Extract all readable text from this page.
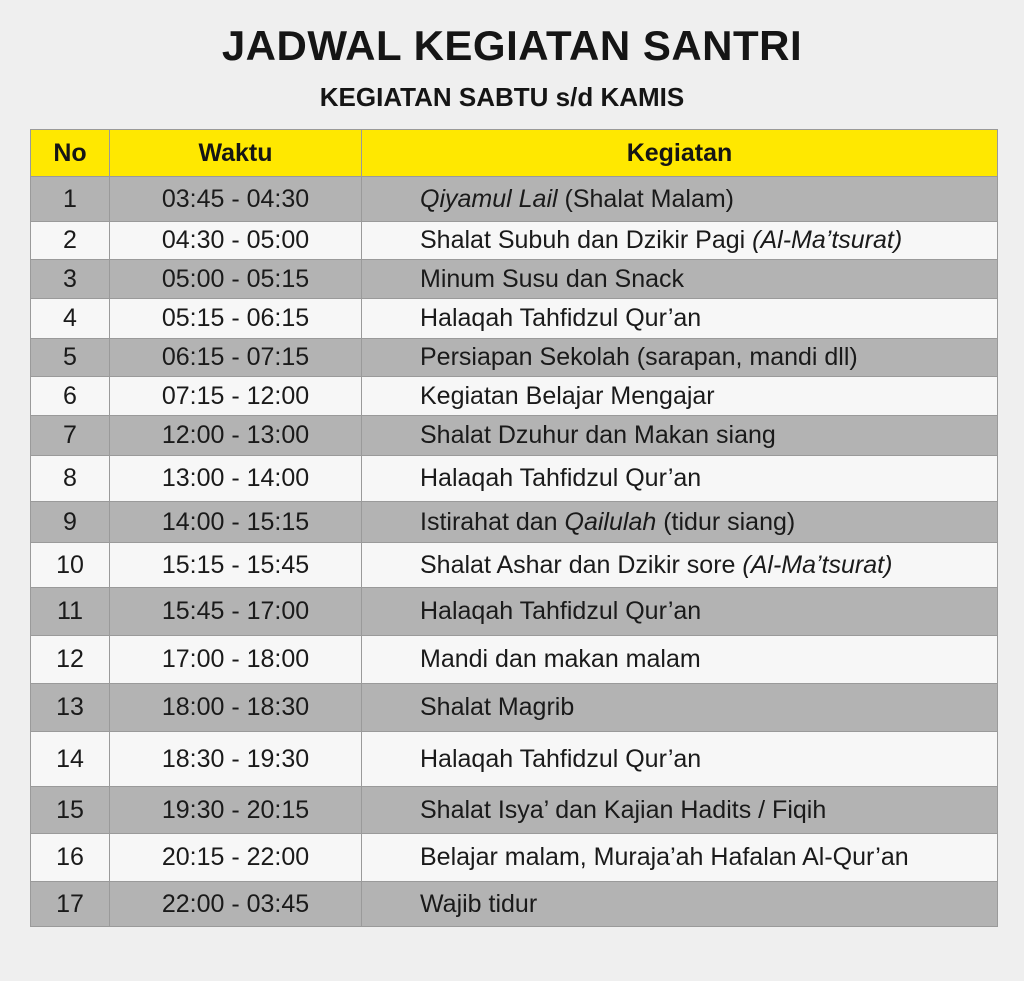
JADWAL KEGIATAN SANTRI
KEGIATAN SABTU s/d KAMIS
No	Waktu	Kegiatan
1	03:45 - 04:30	Qiyamul Lail (Shalat Malam)
2	04:30 - 05:00	Shalat Subuh dan Dzikir Pagi (Al-Ma’tsurat)
3	05:00 - 05:15	Minum Susu dan Snack
4	05:15 - 06:15	Halaqah Tahfidzul Qur’an
5	06:15 - 07:15	Persiapan Sekolah (sarapan, mandi dll)
6	07:15 - 12:00	Kegiatan Belajar Mengajar
7	12:00 - 13:00	Shalat Dzuhur dan Makan siang
8	13:00 - 14:00	Halaqah Tahfidzul Qur’an
9	14:00 - 15:15	Istirahat dan Qailulah (tidur siang)
10	15:15 - 15:45	Shalat Ashar dan Dzikir sore (Al-Ma’tsurat)
11	15:45 - 17:00	Halaqah Tahfidzul Qur’an
12	17:00 - 18:00	Mandi dan makan malam
13	18:00 - 18:30	Shalat Magrib
14	18:30 - 19:30	Halaqah Tahfidzul Qur’an
15	19:30 - 20:15	Shalat Isya’ dan Kajian Hadits / Fiqih
16	20:15 - 22:00	Belajar malam, Muraja’ah Hafalan Al-Qur’an
17	22:00 - 03:45	Wajib tidur
